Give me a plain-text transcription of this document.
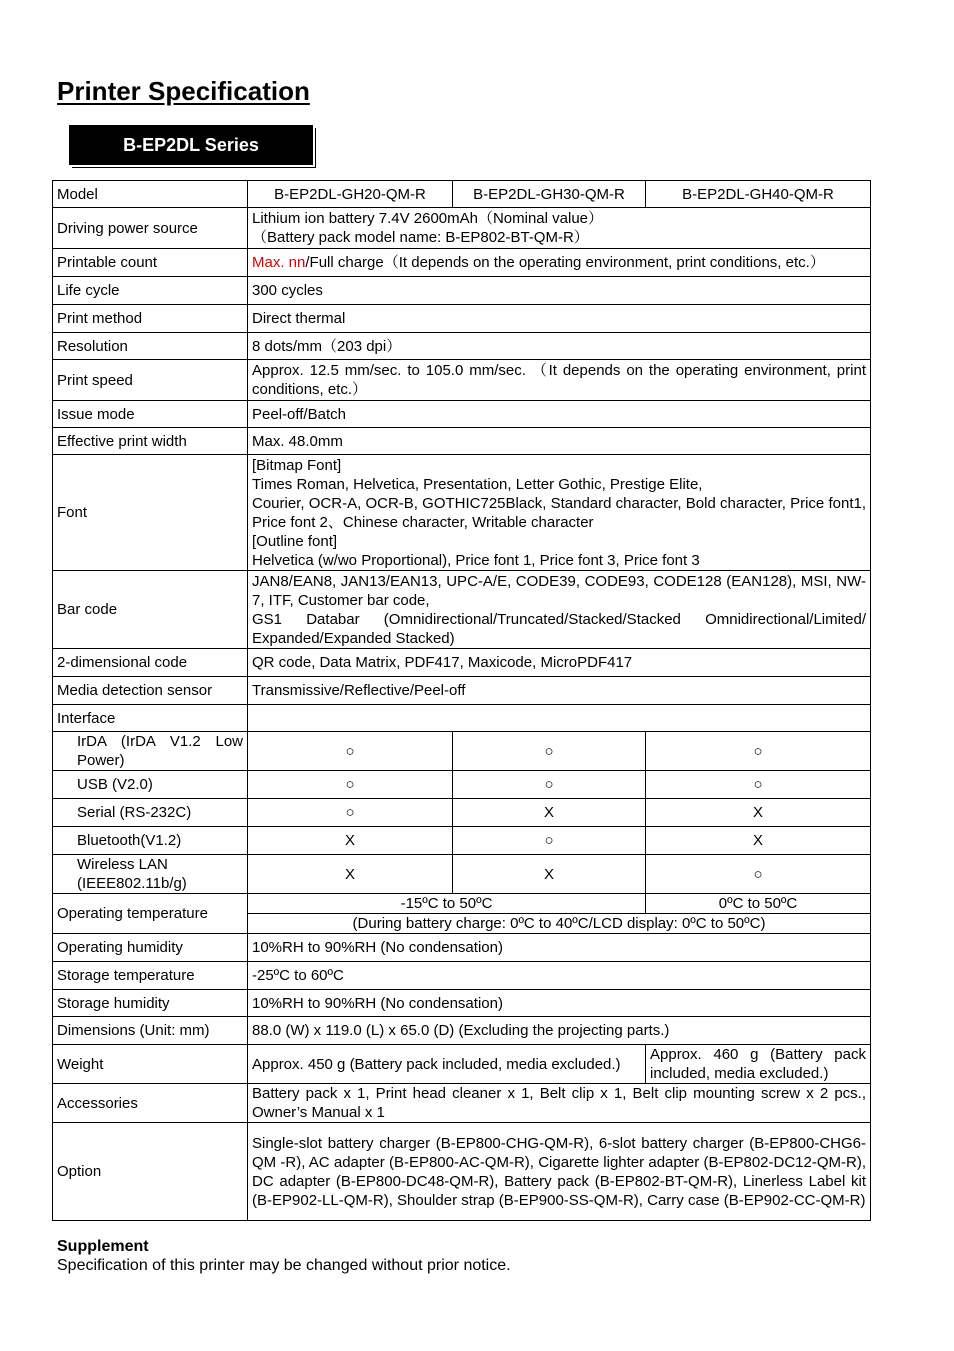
Printer Specification
B-EP2DL Series
Model	B-EP2DL-GH20-QM-R	B-EP2DL-GH30-QM-R	B-EP2DL-GH40-QM-R
Driving power source	Lithium ion battery 7.4V 2600mAh（Nominal value）
（Battery pack model name: B-EP802-BT-QM-R）		

Printable count	Max. nn/Full charge（It depends on the operating environment, print conditions, etc.）		
Life cycle	300 cycles		
Print method	Direct thermal		
Resolution	8 dots/mm（203 dpi）		
Print speed	Approx. 12.5 mm/sec. to 105.0 mm/sec. （It depends on the operating environment, print conditions, etc.）		
Issue mode	Peel-off/Batch		
Effective print width	Max. 48.0mm		
Font	[Bitmap Font]
Times Roman, Helvetica, Presentation, Letter Gothic, Prestige Elite,
Courier, OCR-A, OCR-B, GOTHIC725Black, Standard character, Bold character, Price font1, Price font 2、Chinese character, Writable character
[Outline font]
Helvetica (w/wo Proportional), Price font 1, Price font 3, Price font 3		

Bar code	JAN8/EAN8, JAN13/EAN13, UPC-A/E, CODE39, CODE93, CODE128 (EAN128), MSI, NW-7, ITF, Customer bar code,
GS1 Databar (Omnidirectional/Truncated/Stacked/Stacked Omnidirectional/Limited/ Expanded/Expanded Stacked)		

2-dimensional code	QR code, Data Matrix, PDF417, Maxicode, MicroPDF417		
Media detection sensor	Transmissive/Reflective/Peel-off		
Interface			
IrDA (IrDA V1.2 Low Power)	○	○	○
USB (V2.0)	○	○	○
Serial (RS-232C)	○	X	X
Bluetooth(V1.2)	X	○	X
Wireless LAN (IEEE802.11b/g)	X	X	○
Operating temperature	-15ºC to 50ºC		0ºC to 50ºC
	(During battery charge: 0ºC to 40ºC/LCD display: 0ºC to 50ºC)		
Operating humidity	10%RH to 90%RH (No condensation)		
Storage temperature	-25ºC to 60ºC		
Storage humidity	10%RH to 90%RH (No condensation)		
Dimensions (Unit: mm)	88.0 (W) x 119.0 (L) x 65.0 (D) (Excluding the projecting parts.)		
Weight	Approx. 450 g (Battery pack included, media excluded.)		Approx. 460 g (Battery pack included, media excluded.)
Accessories	Battery pack x 1, Print head cleaner x 1, Belt clip x 1, Belt clip mounting screw x 2 pcs., Owner’s Manual x 1		
Option	Single-slot battery charger (B-EP800-CHG-QM-R), 6-slot battery charger (B-EP800-CHG6-QM -R), AC adapter (B-EP800-AC-QM-R), Cigarette lighter adapter (B-EP802-DC12-QM-R), DC adapter (B-EP800-DC48-QM-R), Battery pack (B-EP802-BT-QM-R), Linerless Label kit (B-EP902-LL-QM-R), Shoulder strap (B-EP900-SS-QM-R), Carry case (B-EP902-CC-QM-R)		
Supplement
Specification of this printer may be changed without prior notice.
